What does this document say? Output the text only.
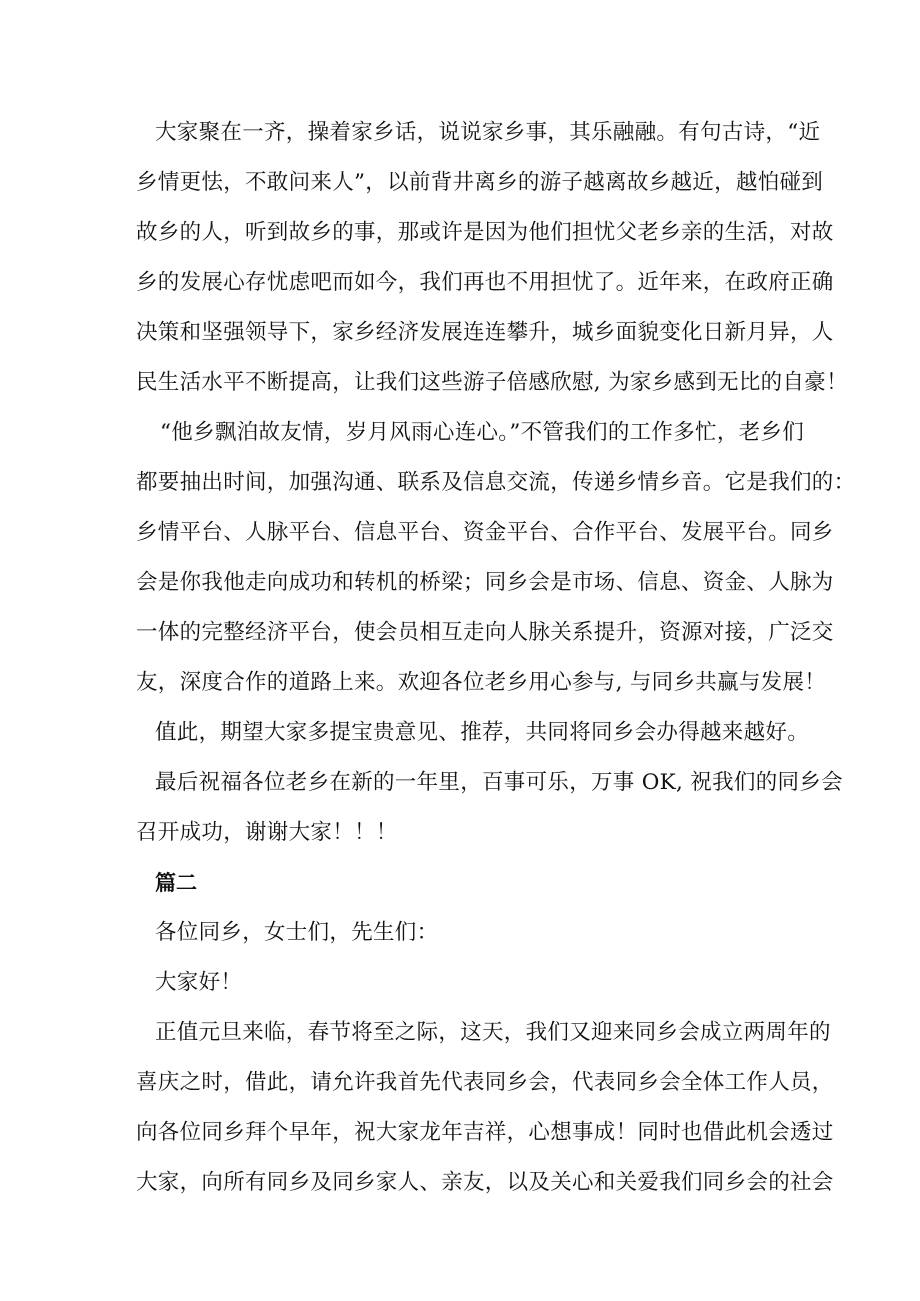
大家聚在一齐，操着家乡话，说说家乡事，其乐融融。有句古诗，“近
乡情更怯，不敢问来人”，以前背井离乡的游子越离故乡越近，越怕碰到
故乡的人，听到故乡的事，那或许是因为他们担忧父老乡亲的生活，对故
乡的发展心存忧虑吧而如今，我们再也不用担忧了。近年来，在政府正确
决策和坚强领导下，家乡经济发展连连攀升，城乡面貌变化日新月异，人
民生活水平不断提高，让我们这些游子倍感欣慰, 为家乡感到无比的自豪！
“他乡飘泊故友情，岁月风雨心连心。”不管我们的工作多忙，老乡们
都要抽出时间，加强沟通、联系及信息交流，传递乡情乡音。它是我们的：
乡情平台、人脉平台、信息平台、资金平台、合作平台、发展平台。同乡
会是你我他走向成功和转机的桥梁；同乡会是市场、信息、资金、人脉为
一体的完整经济平台，使会员相互走向人脉关系提升，资源对接，广泛交
友，深度合作的道路上来。欢迎各位老乡用心参与, 与同乡共赢与发展！
值此，期望大家多提宝贵意见、推荐，共同将同乡会办得越来越好。
最后祝福各位老乡在新的一年里，百事可乐，万事 OK, 祝我们的同乡会
召开成功，谢谢大家！！！
篇二
各位同乡，女士们，先生们：
大家好！
正值元旦来临，春节将至之际，这天，我们又迎来同乡会成立两周年的
喜庆之时，借此，请允许我首先代表同乡会，代表同乡会全体工作人员，
向各位同乡拜个早年，祝大家龙年吉祥，心想事成！同时也借此机会透过
大家，向所有同乡及同乡家人、亲友，以及关心和关爱我们同乡会的社会
